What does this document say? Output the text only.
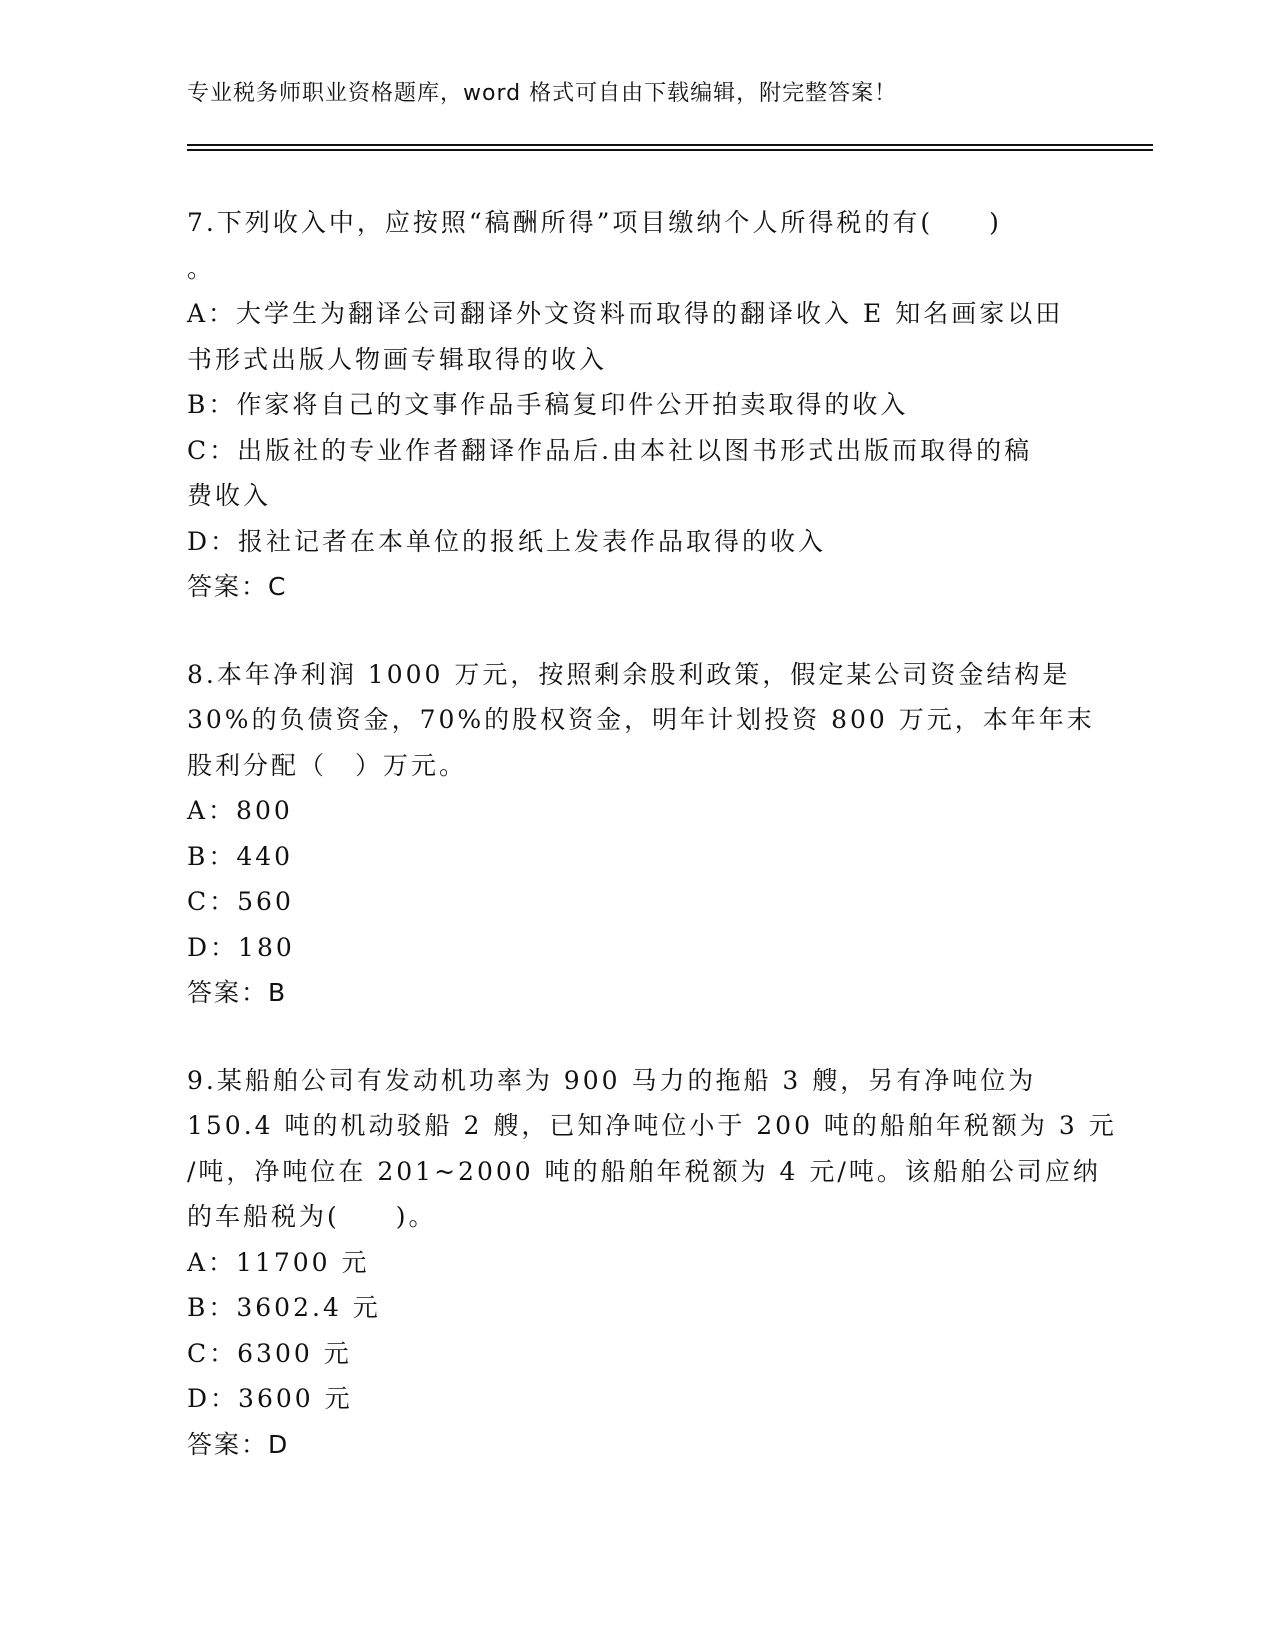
专业税务师职业资格题库，word 格式可自由下载编辑，附完整答案！
7.下列收入中，应按照“稿酬所得”项目缴纳个人所得税的有(　　)
。
A：大学生为翻译公司翻译外文资料而取得的翻译收入 E 知名画家以田
书形式出版人物画专辑取得的收入
B：作家将自己的文事作品手稿复印件公开拍卖取得的收入
C：出版社的专业作者翻译作品后.由本社以图书形式出版而取得的稿
费收入
D：报社记者在本单位的报纸上发表作品取得的收入
答案：C
8.本年净利润 1000 万元，按照剩余股利政策，假定某公司资金结构是
30%的负债资金，70%的股权资金，明年计划投资 800 万元，本年年末
股利分配（　）万元。
A：800
B：440
C：560
D：180
答案：B
9.某船舶公司有发动机功率为 900 马力的拖船 3 艘，另有净吨位为
150.4 吨的机动驳船 2 艘，已知净吨位小于 200 吨的船舶年税额为 3 元
/吨，净吨位在 201~2000 吨的船舶年税额为 4 元/吨。该船舶公司应纳
的车船税为(　　)。
A：11700 元
B：3602.4 元
C：6300 元
D：3600 元
答案：D
